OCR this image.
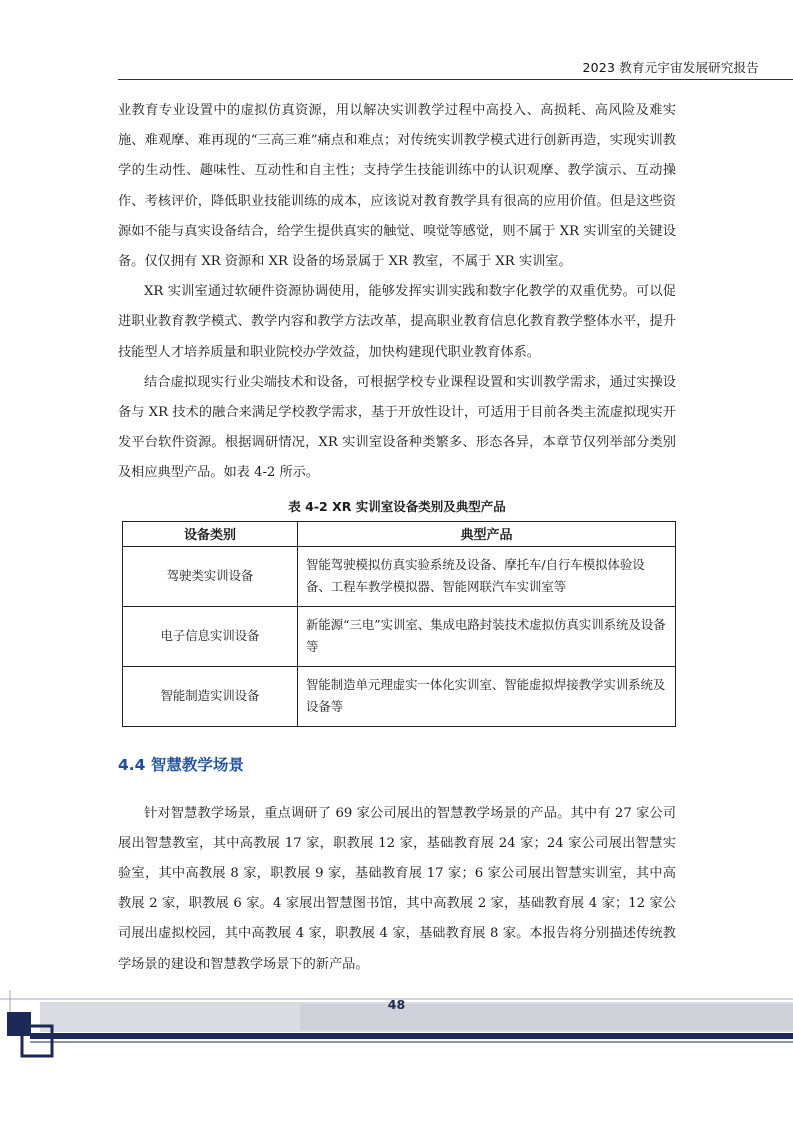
2023 教育元宇宙发展研究报告

业教育专业设置中的虚拟仿真资源，用以解决实训教学过程中高投入、高损耗、高风险及难实施、难观摩、难再现的“三高三难”痛点和难点；对传统实训教学模式进行创新再造，实现实训教学的生动性、趣味性、互动性和自主性；支持学生技能训练中的认识观摩、教学演示、互动操作、考核评价，降低职业技能训练的成本，应该说对教育教学具有很高的应用价值。但是这些资源如不能与真实设备结合，给学生提供真实的触觉、嗅觉等感觉，则不属于 XR 实训室的关键设备。仅仅拥有 XR 资源和 XR 设备的场景属于 XR 教室，不属于 XR 实训室。

XR 实训室通过软硬件资源协调使用，能够发挥实训实践和数字化教学的双重优势。可以促进职业教育教学模式、教学内容和教学方法改革，提高职业教育信息化教育教学整体水平，提升技能型人才培养质量和职业院校办学效益，加快构建现代职业教育体系。

结合虚拟现实行业尖端技术和设备，可根据学校专业课程设置和实训教学需求，通过实操设备与 XR 技术的融合来满足学校教学需求，基于开放性设计，可适用于目前各类主流虚拟现实开发平台软件资源。根据调研情况，XR 实训室设备种类繁多、形态各异，本章节仅列举部分类别及相应典型产品。如表 4-2 所示。

表 4-2 XR 实训室设备类别及典型产品
设备类别	典型产品
驾驶类实训设备	智能驾驶模拟仿真实验系统及设备、摩托车/自行车模拟体验设备、工程车教学模拟器、智能网联汽车实训室等
电子信息实训设备	新能源“三电”实训室、集成电路封装技术虚拟仿真实训系统及设备等
智能制造实训设备	智能制造单元理虚实一体化实训室、智能虚拟焊接教学实训系统及设备等
4.4 智慧教学场景

针对智慧教学场景，重点调研了 69 家公司展出的智慧教学场景的产品。其中有 27 家公司展出智慧教室，其中高教展 17 家，职教展 12 家，基础教育展 24 家；24 家公司展出智慧实验室，其中高教展 8 家，职教展 9 家，基础教育展 17 家；6 家公司展出智慧实训室，其中高教展 2 家，职教展 6 家。4 家展出智慧图书馆，其中高教展 2 家，基础教育展 4 家；12 家公司展出虚拟校园，其中高教展 4 家，职教展 4 家，基础教育展 8 家。本报告将分别描述传统教学场景的建设和智慧教学场景下的新产品。

48
